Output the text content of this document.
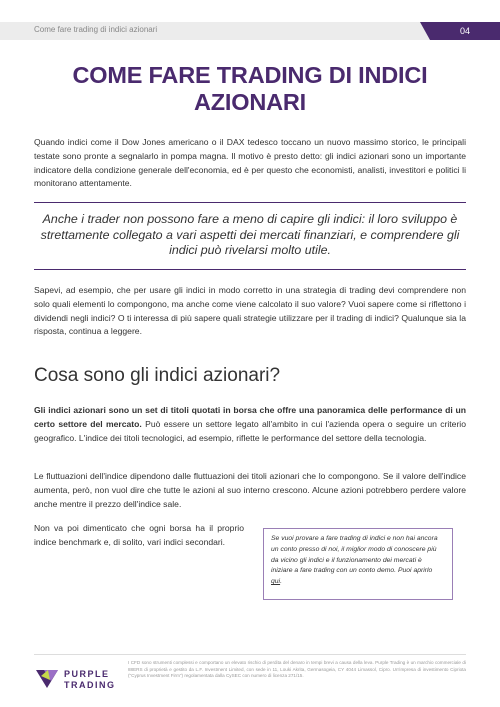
Come fare trading di indici azionari	04
COME FARE TRADING DI INDICI AZIONARI

Quando indici come il Dow Jones americano o il DAX tedesco toccano un nuovo massimo storico, le principali testate sono pronte a segnalarlo in pompa magna. Il motivo è presto detto: gli indici azionari sono un importante indicatore della condizione generale dell'economia, ed è per questo che economisti, analisti, investitori e politici li monitorano attentamente.

Anche i trader non possono fare a meno di capire gli indici: il loro sviluppo è strettamente collegato a vari aspetti dei mercati finanziari, e comprendere gli indici può rivelarsi molto utile.

Sapevi, ad esempio, che per usare gli indici in modo corretto in una strategia di trading devi comprendere non solo quali elementi lo compongono, ma anche come viene calcolato il suo valore? Vuoi sapere come si riflettono i dividendi negli indici? O ti interessa di più sapere quali strategie utilizzare per il trading di indici? Qualunque sia la risposta, continua a leggere.

Cosa sono gli indici azionari?

Gli indici azionari sono un set di titoli quotati in borsa che offre una panoramica delle performance di un certo settore del mercato. Può essere un settore legato all'ambito in cui l'azienda opera o seguire un criterio geografico. L'indice dei titoli tecnologici, ad esempio, riflette le performance del settore della tecnologia.

Le fluttuazioni dell'indice dipendono dalle fluttuazioni dei titoli azionari che lo compongono. Se il valore dell'indice aumenta, però, non vuol dire che tutte le azioni al suo interno crescono. Alcune azioni potrebbero perdere valore anche mentre il prezzo dell'indice sale.

Non va poi dimenticato che ogni borsa ha il proprio indice benchmark e, di solito, vari indici secondari.	Se vuoi provare a fare trading di indici e non hai ancora un conto presso di noi, il miglior modo di conoscere più da vicino gli indici e il funzionamento dei mercati è iniziare a fare trading con un conto demo. Puoi aprirlo qui.
PURPLE
TRADING
I CFD sono strumenti complessi e comportano un elevato rischio di perdita del denaro in tempi brevi a causa della leva. Purple Trading è un marchio commerciale di 88ERS di proprietà e gestito da L.F. Investment Limited, con sede in 11, Louki Akrita, Germasogeia, CY 4044 Limassol, Cipro. Un'impresa di investimento Cipriota ("Cyprus Investment Firm") regolamentata dalla CySEC con numero di licenza 271/15.
